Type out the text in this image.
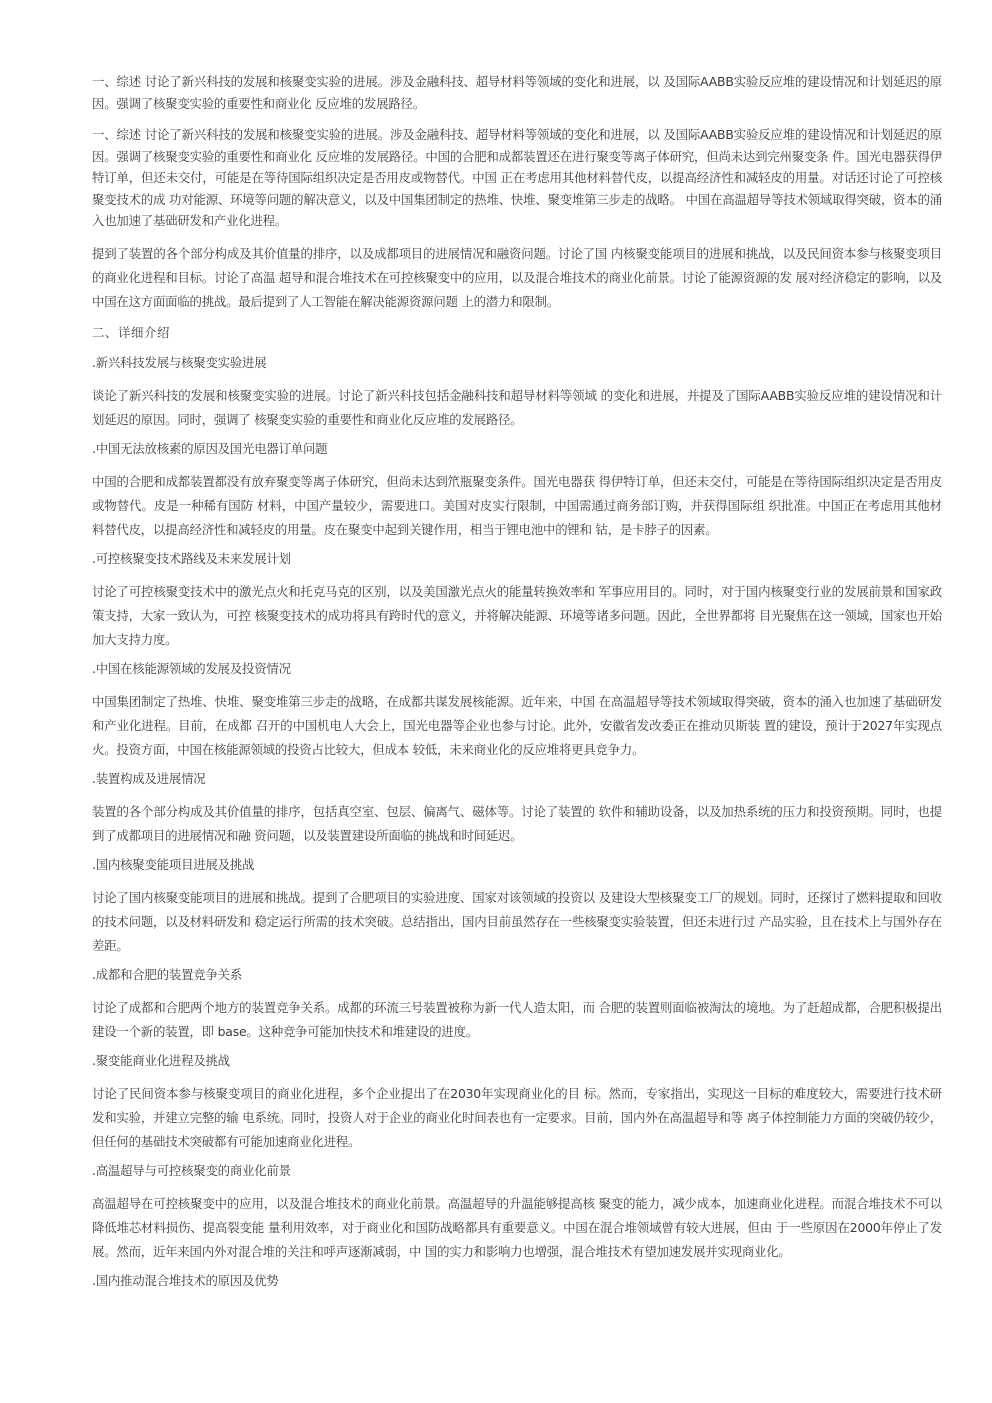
一、综述 讨论了新兴科技的发展和核聚变实验的进展。涉及金融科技、超导材料等领域的变化和进展，以 及国际AABB实验反应堆的建设情况和计划延迟的原因。强调了核聚变实验的重要性和商业化 反应堆的发展路径。

一、综述 讨论了新兴科技的发展和核聚变实验的进展。涉及金融科技、超导材料等领域的变化和进展，以 及国际AABB实验反应堆的建设情况和计划延迟的原因。强调了核聚变实验的重要性和商业化 反应堆的发展路径。中国的合肥和成都装置还在进行聚变等离子体研究，但尚未达到完州聚变条 件。国光电器获得伊特订单，但还未交付，可能是在等待国际组织决定是否用皮或物替代。中国 正在考虑用其他材料替代皮，以提高经济性和减轻皮的用量。对话还讨论了可控核聚变技术的成 功对能源、环境等问题的解决意义，以及中国集团制定的热堆、快堆、聚变堆第三步走的战略。 中国在高温超导等技术领域取得突破，资本的涌入也加速了基础研发和产业化进程。

提到了装置的各个部分构成及其价值量的排序，以及成都项目的进展情况和融资问题。讨论了国 内核聚变能项目的进展和挑战，以及民间资本参与核聚变项目的商业化进程和目标。讨论了高温 超导和混合堆技术在可控核聚变中的应用，以及混合堆技术的商业化前景。讨论了能源资源的发 展对经济稳定的影响，以及中国在这方面面临的挑战。最后提到了人工智能在解决能源资源问题 上的潜力和限制。

二、详细介绍

.新兴科技发展与核聚变实验进展

谈论了新兴科技的发展和核聚变实验的进展。讨论了新兴科技包括金融科技和超导材料等领域 的变化和进展，并提及了国际AABB实验反应堆的建设情况和计划延迟的原因。同时，强调了 核聚变实验的重要性和商业化反应堆的发展路径。

.中国无法放核素的原因及国光电器订单问题

中国的合肥和成都装置都没有放弃聚变等离子体研究，但尚未达到笊瓶聚变条件。国光电器获 得伊特订单，但还未交付，可能是在等待国际组织决定是否用皮或物替代。皮是一种稀有国防 材料，中国产量较少，需要进口。美国对皮实行限制，中国需通过商务部订购，并获得国际组 织批准。中国正在考虑用其他材 料替代皮，以提高经济性和减轻皮的用量。皮在聚变中起到关键作用，相当于锂电池中的锂和 钴，是卡脖子的因素。

.可控核聚变技术路线及未来发展计划

讨论了可控核聚变技术中的激光点火和托克马克的区别，以及美国激光点火的能量转换效率和 军事应用目的。同时，对于国内核聚变行业的发展前景和国家政策支持，大家一致认为，可控 核聚变技术的成功将具有跨时代的意义，并将解决能源、环境等诸多问题。因此，全世界都将 目光聚焦在这一领域，国家也开始加大支持力度。

.中国在核能源领域的发展及投资情况

中国集团制定了热堆、快堆、聚变堆第三步走的战略，在成都共谋发展核能源。近年来，中国 在高温超导等技术领域取得突破，资本的涌入也加速了基础研发和产业化进程。目前，在成都 召开的中国机电人大会上，国光电器等企业也参与讨论。此外，安徽省发改委正在推动贝斯装 置的建设，预计于2027年实现点火。投资方面，中国在核能源领域的投资占比较大，但成本 较低，未来商业化的反应堆将更具竞争力。

.装置构成及进展情况

装置的各个部分构成及其价值量的排序，包括真空室、包层、偏离气、磁体等。讨论了装置的 软件和辅助设备，以及加热系统的压力和投资预期。同时，也提到了成都项目的进展情况和融 资问题，以及装置建设所面临的挑战和时间延迟。

.国内核聚变能项目进展及挑战

讨论了国内核聚变能项目的进展和挑战。提到了合肥项目的实验进度、国家对该领域的投资以 及建设大型核聚变工厂的规划。同时，还探讨了燃料提取和回收的技术问题，以及材料研发和 稳定运行所需的技术突破。总结指出，国内目前虽然存在一些核聚变实验装置，但还未进行过 产品实验，且在技术上与国外存在差距。

.成都和合肥的装置竞争关系

讨论了成都和合肥两个地方的装置竞争关系。成都的环流三号装置被称为新一代人造太阳，而 合肥的装置则面临被淘汰的境地。为了赶超成都，合肥积极提出建设一个新的装置，即 base。这种竞争可能加快技术和堆建设的进度。

.聚变能商业化进程及挑战

讨论了民间资本参与核聚变项目的商业化进程，多个企业提出了在2030年实现商业化的目 标。然而，专家指出，实现这一目标的难度较大，需要进行技术研发和实验，并建立完整的输 电系统。同时，投资人对于企业的商业化时间表也有一定要求。目前，国内外在高温超导和等 离子体控制能力方面的突破仍较少，但任何的基础技术突破都有可能加速商业化进程。

.高温超导与可控核聚变的商业化前景

高温超导在可控核聚变中的应用，以及混合堆技术的商业化前景。高温超导的升温能够提高核 聚变的能力，减少成本，加速商业化进程。而混合堆技术不可以降低堆芯材料损伤、提高裂变能 量利用效率，对于商业化和国防战略都具有重要意义。中国在混合堆领域曾有较大进展，但由 于一些原因在2000年停止了发展。然而，近年来国内外对混合堆的关注和呼声逐渐减弱，中 国的实力和影响力也增强，混合堆技术有望加速发展并实现商业化。

.国内推动混合堆技术的原因及优势
